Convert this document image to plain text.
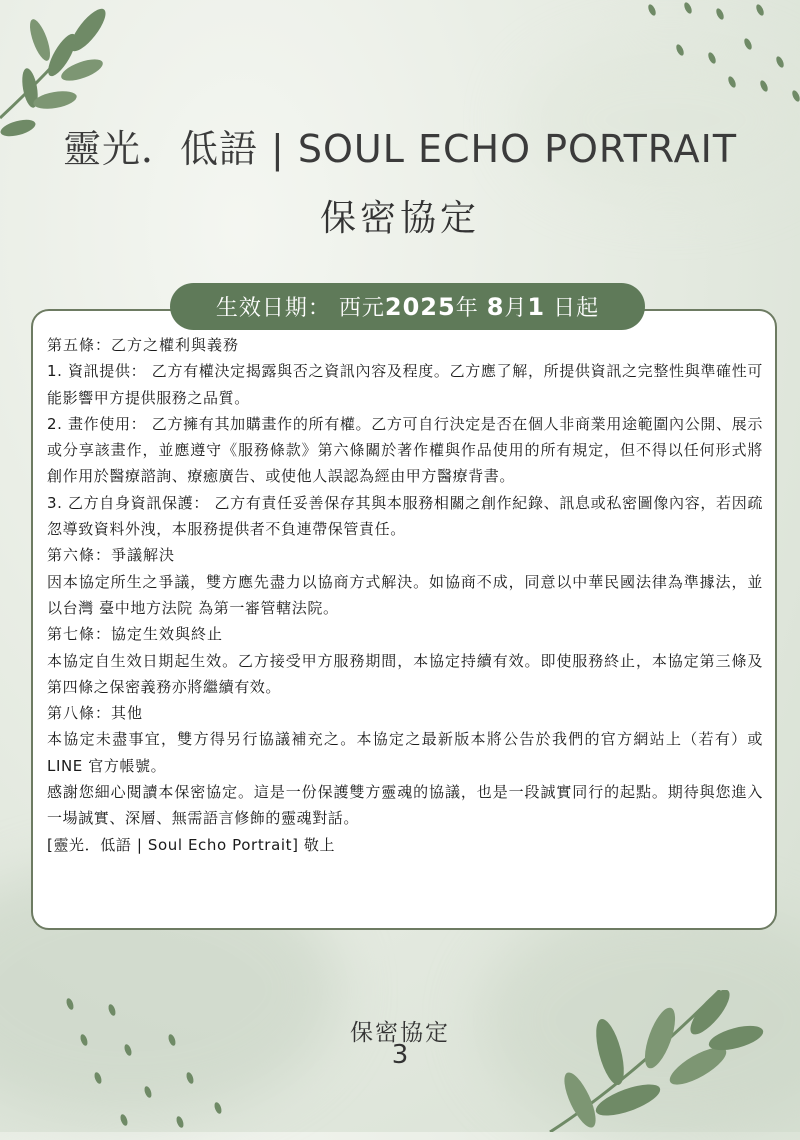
靈光．低語 | SOUL ECHO PORTRAIT
保密協定
生效日期：
西元 2025 年
8 月 1
日起

第五條：乙方之權利與義務

1. 資訊提供： 乙方有權決定揭露與否之資訊內容及程度。乙方應了解，所提供資訊之完整性與準確性可能影響甲方提供服務之品質。

2. 畫作使用： 乙方擁有其加購畫作的所有權。乙方可自行決定是否在個人非商業用途範圍內公開、展示或分享該畫作，並應遵守《服務條款》第六條關於著作權與作品使用的所有規定，但不得以任何形式將創作用於醫療諮詢、療癒廣告、或使他人誤認為經由甲方醫療背書。

3. 乙方自身資訊保護： 乙方有責任妥善保存其與本服務相關之創作紀錄、訊息或私密圖像內容，若因疏忽導致資料外洩，本服務提供者不負連帶保管責任。

第六條：爭議解決

因本協定所生之爭議，雙方應先盡力以協商方式解決。如協商不成，同意以中華民國法律為準據法，並以台灣 臺中地方法院 為第一審管轄法院。

第七條：協定生效與終止

本協定自生效日期起生效。乙方接受甲方服務期間，本協定持續有效。即使服務終止，本協定第三條及第四條之保密義務亦將繼續有效。

第八條：其他

本協定未盡事宜，雙方得另行協議補充之。本協定之最新版本將公告於我們的官方網站上（若有）或 LINE 官方帳號。

感謝您細心閱讀本保密協定。這是一份保護雙方靈魂的協議，也是一段誠實同行的起點。期待與您進入一場誠實、深層、無需語言修飾的靈魂對話。

[靈光．低語 | Soul Echo Portrait] 敬上

保密協定
3
